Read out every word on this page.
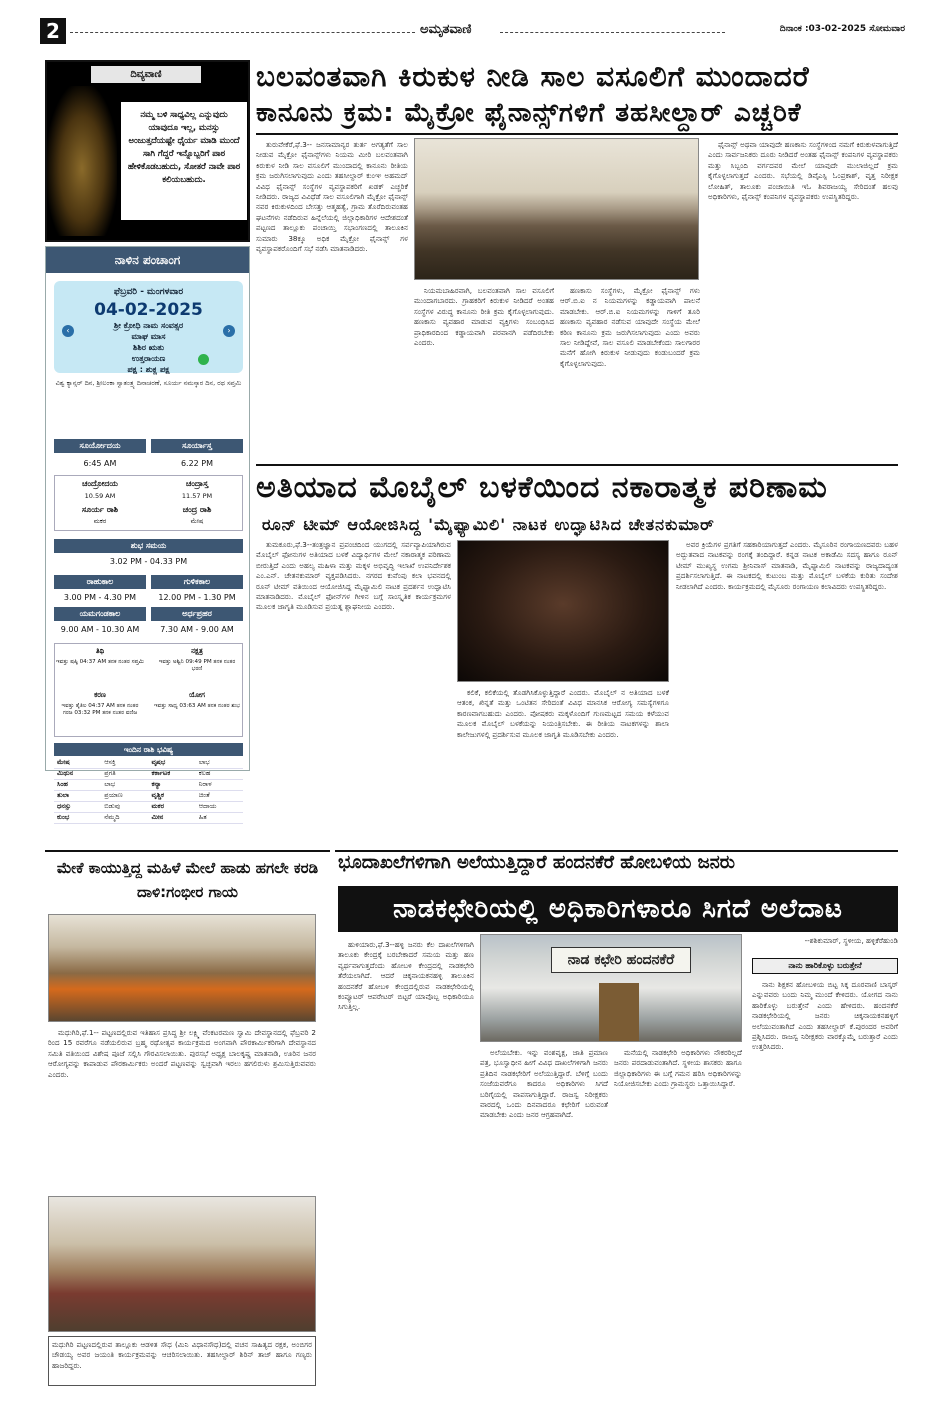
2	ಅಮೃತವಾಣಿ	ದಿನಾಂಕ :03-02-2025 ಸೋಮವಾರ
ದಿವ್ಯವಾಣಿ
ನಮ್ಮ ಬಳಿ ಸಾಧ್ಯವಿಲ್ಲ ಎನ್ನುವುದು ಯಾವುದೂ ಇಲ್ಲ, ಮನಸ್ಸು ಅಂಜುತ್ತದೆಯಷ್ಟೇ ಧೈರ್ಯ ಮಾಡಿ ಮುಂದೆ ಸಾಗಿ ಗೆದ್ದರೆ ಇನ್ನೊಬ್ಬರಿಗೆ ಪಾಠ ಹೇಳಿಕೊಡಬಹುದು, ಸೋತರೆ ನಾವೇ ಪಾಠ ಕಲಿಯಬಹುದು.
ನಾಳಿನ ಪಂಚಾಂಗ
ಫೆಬ್ರವರಿ - ಮಂಗಳವಾರ
04-02-2025
ಶ್ರೀ ಕ್ರೋಧಿ ನಾಮ ಸಂವತ್ಸರ
ಮಾಘ ಮಾಸ
ಶಿಶಿರ ಋತು
ಉತ್ತರಾಯಣ
ಪಕ್ಷ : ಶುಕ್ಲ ಪಕ್ಷ
‹	›
ವಿಶ್ವ ಕ್ಯಾನ್ಸರ್ ದಿನ, ಶ್ರೀಲಂಕಾ ಸ್ವಾತಂತ್ರ್ಯ ದಿನಾಚರಣೆ, ಸೂರ್ಯ ನಮಸ್ಕಾರ ದಿನ, ರಥ ಸಪ್ತಮಿ
ಸೂರ್ಯೋದಯ	ಸೂರ್ಯಾಸ್ತ
6:45 AM	6.22 PM
ಚಂದ್ರೋದಯ	ಚಂದ್ರಾಸ್ತ
10.59 AM	11.57 PM
ಸೂರ್ಯ ರಾಶಿ	ಚಂದ್ರ ರಾಶಿ
ಮಕರ	ಮೇಷ
ಶುಭ ಸಮಯ
3.02 PM - 04.33 PM
ರಾಹುಕಾಲ	ಗುಳಿಕಕಾಲ
3.00 PM - 4.30 PM	12.00 PM - 1.30 PM
ಯಮಗಂಡಕಾಲ	ಅರ್ಧಪ್ರಹರ
9.00 AM - 10.30 AM	7.30 AM - 9.00 AM
ತಿಥಿ
ಇವತ್ತು ಷಷ್ಠಿ 04:37 AM ತನಕ ನಂತರ ಸಪ್ತಮಿ
ನಕ್ಷತ್ರ
ಇವತ್ತು ಅಶ್ವಿನಿ 09:49 PM ತನಕ ನಂತರ ಭರಣಿ
ಕರಣ
ಇವತ್ತು ತೈತಿಲ 04:37 AM ತನಕ ನಂತರ ಗರಜ 03:32 PM ತನಕ ನಂತರ ವಣಿಜ
ಯೋಗ
ಇವತ್ತು ಸಾಧ್ಯ 03:63 AM ತನಕ ನಂತರ ಶುಭ
ಇಂದಿನ ರಾಶಿ ಭವಿಷ್ಯ
ಮೇಷ	ಆಸಕ್ತಿ	ವೃಷಭ	ಲಾಭ
ಮಿಥುನ	ಪ್ರಗತಿ	ಕರ್ಕಾಟಕ	ಕಲಹ
ಸಿಂಹ	ಲಾಭ	ಕನ್ಯಾ	ನಿರಾಳ
ತುಲಾ	ಪ್ರಯಾಣ	ವೃಶ್ಚಿಕ	ಚಿಂತೆ
ಧನಸ್ಸು	ಬಿಡುವು	ಮಕರ	ಆದಾಯ
ಕುಂಭ	ನೆಮ್ಮದಿ	ಮೀನ	ಹಿತ
ಬಲವಂತವಾಗಿ ಕಿರುಕುಳ ನೀಡಿ ಸಾಲ ವಸೂಲಿಗೆ ಮುಂದಾದರೆ
ಕಾನೂನು ಕ್ರಮ: ಮೈಕ್ರೋ ಫೈನಾನ್ಸ್‌ಗಳಿಗೆ ತಹಸೀಲ್ದಾರ್ ಎಚ್ಚರಿಕೆ

ತುರುವೇಕೆರೆ,ಫೆ.3-- ಜನಸಾಮಾನ್ಯರ ತುರ್ತ ಅಗತ್ಯತೆಗೆ ಸಾಲ ನೀಡುವ ಮೈಕ್ರೋ ಫೈನಾನ್ಸ್‌ಗಳು ನಿಯಮ ಮೀರಿ ಬಲವಂತವಾಗಿ ಕಿರುಕುಳ ನೀಡಿ ಸಾಲ ವಸೂಲಿಗೆ ಮುಂದಾದಲ್ಲಿ ಕಾನೂನು ರೀತಿಯ ಕ್ರಮ ಜರುಗಿಸಲಾಗುವುದು ಎಂದು ತಹಸೀಲ್ದಾರ್ ಕುಂಞ ಅಹಮದ್ ವಿವಿಧ ಫೈನಾನ್ಸ್ ಸಂಸ್ಥೆಗಳ ವ್ಯವಸ್ಥಾಪಕರಿಗೆ ಖಡಕ್ ಎಚ್ಚರಿಕೆ ನೀಡಿದರು. ರಾಜ್ಯದ ವಿವಿಧೆಡೆ ಸಾಲ ವಸೂಲಿಗಾಗಿ ಮೈಕ್ರೋ ಫೈನಾನ್ಸ್ ನವರ ಕಿರುಕುಳದಿಂದ ಬೇಸತ್ತು ಆತ್ಮಹತ್ಯೆ, ಗ್ರಾಮ ತೊರೆದಿರುವಂತಹ ಘಟನೆಗಳು ನಡೆದಿರುವ ಹಿನ್ನೆಲೆಯಲ್ಲಿ ಜಿಲ್ಲಾಧಿಕಾರಿಗಳ ಆದೇಶದಂತೆ ಪಟ್ಟಣದ ತಾಲ್ಲೂಕು ಪಂಚಾಯ್ತಿ ಸಭಾಂಗಣದಲ್ಲಿ ತಾಲೂಕಿನ ಸುಮಾರು 38ಕ್ಕೂ ಅಧಿಕ ಮೈಕ್ರೋ ಫೈನಾನ್ಸ್ ಗಳ ವ್ಯವಸ್ಥಾಪಕರೊಂದಿಗೆ ಸಭೆ ನಡೆಸಿ ಮಾತನಾಡಿದರು.

ನಿಯಮಬಾಹಿರವಾಗಿ, ಬಲವಂತವಾಗಿ ಸಾಲ ವಸೂಲಿಗೆ ಮುಂದಾಗಬಾರದು. ಗ್ರಾಹಕರಿಗೆ ಕಿರುಕುಳ ನೀಡಿದರೆ ಅಂತಹ ಸಂಸ್ಥೆಗಳ ವಿರುದ್ಧ ಕಾನೂನು ರೀತಿ ಕ್ರಮ ಕೈಗೊಳ್ಳಲಾಗುವುದು. ಹಣಕಾಸು ವ್ಯವಹಾರ ಮಾಡುವ ವ್ಯಕ್ತಿಗಳು ಸಂಬಂಧಿಸಿದ ಪ್ರಾಧಿಕಾರದಿಂದ ಕಡ್ಡಾಯವಾಗಿ ಪರವಾನಗಿ ಪಡೆದಿರಬೇಕು ಎಂದರು.

ಹಣಕಾಸು ಸಂಸ್ಥೆಗಳು, ಮೈಕ್ರೋ ಫೈನಾನ್ಸ್ ಗಳು ಆರ್.ಬಿ.ಐ ನ ನಿಯಮಗಳನ್ನು ಕಡ್ಡಾಯವಾಗಿ ಪಾಲನೆ ಮಾಡಬೇಕು. ಆರ್.ಬಿ.ಐ ನಿಯಮಗಳನ್ನು ಗಾಳಿಗೆ ತೂರಿ ಹಣಕಾಸು ವ್ಯವಹಾರ ನಡೆಸುವ ಯಾವುದೇ ಸಂಸ್ಥೆಯ ಮೇಲೆ ಕಠಿಣ ಕಾನೂನು ಕ್ರಮ ಜರುಗಿಸಲಾಗುವುದು ಎಂದು ಅವರು ಸಾಲ ನೀಡಿದ್ದೇವೆ, ಸಾಲ ವಸೂಲಿ ಮಾಡಬೇಕೆಂದು ಸಾಲಗಾರರ ಮನೆಗೆ ಹೋಗಿ ಕಿರುಕುಳ ನೀಡುವುದು ಕಂಡುಬಂದರೆ ಕ್ರಮ ಕೈಗೊಳ್ಳಲಾಗುವುದು.

ಫೈನಾನ್ಸ್ ಅಥವಾ ಯಾವುದೇ ಹಣಕಾಸು ಸಂಸ್ಥೆಗಳಿಂದ ನಮಗೆ ಕಿರುಕುಳವಾಗುತ್ತಿದೆ ಎಂದು ಸಾರ್ವಜನಿಕರು ದೂರು ನೀಡಿದರೆ ಅಂತಹ ಫೈನಾನ್ಸ್ ಕಂಪನಿಗಳ ವ್ಯವಸ್ಥಾಪಕರು ಮತ್ತು ಸಿಬ್ಬಂದಿ ವರ್ಗದವರ ಮೇಲೆ ಯಾವುದೇ ಮುಲಾಜಿಲ್ಲದೆ ಕ್ರಮ ಕೈಗೊಳ್ಳಲಾಗುತ್ತದೆ ಎಂದರು. ಸಭೆಯಲ್ಲಿ ಡಿವೈಎಸ್ಪಿ ಓಂಪ್ರಕಾಶ್, ವೃತ್ತ ನಿರೀಕ್ಷಕ ಲೋಹಿತ್, ತಾಲೂಕು ಪಂಚಾಯಿತಿ ಇಓ ಶಿವರಾಜಯ್ಯ ಸೇರಿದಂತೆ ಹಲವು ಅಧಿಕಾರಿಗಳು, ಫೈನಾನ್ಸ್ ಕಂಪನಿಗಳ ವ್ಯವಸ್ಥಾಪಕರು ಉಪಸ್ಥಿತರಿದ್ದರು.

ಅತಿಯಾದ ಮೊಬೈಲ್ ಬಳಕೆಯಿಂದ ನಕಾರಾತ್ಮಕ ಪರಿಣಾಮ
ರೂನ್ ಟೀಮ್ ಆಯೋಜಿಸಿದ್ದ 'ಮೈಫ್ಯಾಮಿಲಿ' ನಾಟಕ ಉದ್ಘಾಟಿಸಿದ ಚೇತನಕುಮಾರ್

ತುಮಕೂರು,ಫೆ.3--ತಂತ್ರಜ್ಞಾನ ಪ್ರಪಂಚದಿಂದ ಯುಗದಲ್ಲಿ ಸರ್ವವ್ಯಾಪಿಯಾಗಿರುವ ಮೊಬೈಲ್ ಫೋನುಗಳ ಅತಿಯಾದ ಬಳಕೆ ವಿದ್ಯಾರ್ಥಿಗಳ ಮೇಲೆ ನಕಾರಾತ್ಮಕ ಪರಿಣಾಮ ಬೀರುತ್ತಿದೆ ಎಂದು ಅಹಲ್ಯ ಮಹಿಳಾ ಮತ್ತು ಮಕ್ಕಳ ಅಭಿವೃದ್ಧಿ ಇಲಾಖೆ ಉಪನಿರ್ದೇಶಕ ಎಂ.ಎನ್. ಚೇತನಕುಮಾರ್ ವ್ಯಕ್ತಪಡಿಸಿದರು. ನಗರದ ಕುವೆಂಪು ಕಲಾ ಭವನದಲ್ಲಿ ರೂನ್ ಟೀಮ್ ವತಿಯಿಂದ ಆಯೋಜಿಸಿದ್ದ ಮೈಫ್ಯಾಮಿಲಿ ನಾಟಕ ಪ್ರದರ್ಶನ ಉದ್ಘಾಟಿಸಿ ಮಾತನಾಡಿದರು. ಮೊಬೈಲ್ ಫೋನ್‌ಗಳ ಗೀಳಿನ ಬಗ್ಗೆ ಸಾಂಸ್ಕೃತಿಕ ಕಾರ್ಯಕ್ರಮಗಳ ಮೂಲಕ ಜಾಗೃತಿ ಮೂಡಿಸುವ ಪ್ರಯತ್ನ ಶ್ಲಾಘನೀಯ ಎಂದರು.

ಕಲಿಕೆ, ಕಲಿಕೆಯಲ್ಲಿ ತೊಡಗಿಸಿಕೊಳ್ಳುತ್ತಿದ್ದಾರೆ ಎಂದರು. ಮೊಬೈಲ್ ನ ಅತಿಯಾದ ಬಳಕೆ ಆತಂಕ, ಖಿನ್ನತೆ ಮತ್ತು ಒಂಟಿತನ ಸೇರಿದಂತೆ ವಿವಿಧ ಮಾನಸಿಕ ಆರೋಗ್ಯ ಸಮಸ್ಯೆಗಳಿಗೂ ಕಾರಣವಾಗಬಹುದು ಎಂದರು. ಪೋಷಕರು ಮಕ್ಕಳೊಂದಿಗೆ ಗುಣಮಟ್ಟದ ಸಮಯ ಕಳೆಯುವ ಮೂಲಕ ಮೊಬೈಲ್ ಬಳಕೆಯನ್ನು ನಿಯಂತ್ರಿಸಬೇಕು. ಈ ರೀತಿಯ ನಾಟಕಗಳನ್ನು ಶಾಲಾ ಕಾಲೇಜುಗಳಲ್ಲಿ ಪ್ರದರ್ಶಿಸುವ ಮೂಲಕ ಜಾಗೃತಿ ಮೂಡಿಸಬೇಕು ಎಂದರು.

ಅವರ ಕ್ರಿಯೆಗಳ ಪ್ರಗತಿಗೆ ಸಹಕಾರಿಯಾಗುತ್ತದೆ ಎಂದರು. ಮೈಸೂರಿನ ರಂಗಾಯಣದವರು ಬಹಳ ಅದ್ಭುತವಾದ ನಾಟಕವನ್ನು ರಂಗಕ್ಕೆ ತಂದಿದ್ದಾರೆ. ಕನ್ನಡ ನಾಟಕ ಅಕಾಡೆಮಿ ಸದಸ್ಯ ಹಾಗೂ ರೂನ್ ಟೀಮ್ ಮುಖ್ಯಸ್ಥ ಉಗಮ ಶ್ರೀನಿವಾಸ್ ಮಾತನಾಡಿ, ಮೈಫ್ಯಾಮಿಲಿ ನಾಟಕವನ್ನು ರಾಜ್ಯದಾದ್ಯಂತ ಪ್ರದರ್ಶಿಸಲಾಗುತ್ತಿದೆ. ಈ ನಾಟಕದಲ್ಲಿ ಕುಟುಂಬ ಮತ್ತು ಮೊಬೈಲ್ ಬಳಕೆಯ ಕುರಿತು ಸಂದೇಶ ನೀಡಲಾಗಿದೆ ಎಂದರು. ಕಾರ್ಯಕ್ರಮದಲ್ಲಿ ಮೈಸೂರು ರಂಗಾಯಣ ಕಲಾವಿದರು ಉಪಸ್ಥಿತರಿದ್ದರು.

ಮೇಕೆ ಕಾಯುತ್ತಿದ್ದ ಮಹಿಳೆ ಮೇಲೆ ಹಾಡು ಹಗಲೇ ಕರಡಿ ದಾಳಿ:ಗಂಭೀರ ಗಾಯ

ಮಧುಗಿರಿ,ಫೆ.1-- ಪಟ್ಟಣದಲ್ಲಿರುವ ಇತಿಹಾಸ ಪ್ರಸಿದ್ಧ ಶ್ರೀ ಲಕ್ಷ್ಮಿ ವೆಂಕಟರಮಣ ಸ್ವಾಮಿ ದೇವಸ್ಥಾನದಲ್ಲಿ ಫೆಬ್ರವರಿ 2 ರಿಂದ 15 ರವರೆಗೂ ನಡೆಯಲಿರುವ ಬ್ರಹ್ಮ ರಥೋತ್ಸವ ಕಾರ್ಯಕ್ರಮದ ಅಂಗವಾಗಿ ಪೌರಕಾರ್ಮಿಕರಿಗಾಗಿ ದೇವಸ್ಥಾನದ ಸಮಿತಿ ವತಿಯಿಂದ ವಿಶೇಷ ಪೂಜೆ ಸಲ್ಲಿಸಿ ಗೌರವಿಸಲಾಯಿತು. ಪುರಸಭೆ ಅಧ್ಯಕ್ಷ ಬಾಲಕೃಷ್ಣ ಮಾತನಾಡಿ, ಊರಿನ ಜನರ ಆರೋಗ್ಯವನ್ನು ಕಾಪಾಡುವ ಪೌರಕಾರ್ಮಿಕರು ಅಂದರೆ ಪಟ್ಟಣವನ್ನು ಸ್ವಚ್ಛವಾಗಿ ಇರಲು ಹಗಲಿರುಳು ಶ್ರಮಿಸುತ್ತಿರುವವರು ಎಂದರು.

ಮಧುಗಿರಿ ಪಟ್ಟಣದಲ್ಲಿರುವ ತಾಲ್ಲೂಕು ಆಡಳಿತ ಸೌಧ (ಮಿನಿ ವಿಧಾನಸೌಧ)ದಲ್ಲಿ ವಚನ ಸಾಹಿತ್ಯದ ರಕ್ಷಕ, ಅಂಬಿಗರ ಚೌಡಯ್ಯ ಅವರ ಜಯಂತಿ ಕಾರ್ಯಕ್ರಮವನ್ನು ಆಚರಿಸಲಾಯಿತು. ತಹಸೀಲ್ದಾರ್ ಶಿರಿನ್ ತಾಜ್ ಹಾಗೂ ಗಣ್ಯರು ಹಾಜರಿದ್ದರು.

ಭೂದಾಖಲೆಗಳಿಗಾಗಿ ಅಲೆಯುತ್ತಿದ್ದಾರೆ ಹಂದನಕೆರೆ ಹೋಬಳಿಯ ಜನರು
ನಾಡಕಛೇರಿಯಲ್ಲಿ ಅಧಿಕಾರಿಗಳಾರೂ ಸಿಗದೆ ಅಲೆದಾಟ

ಹುಳಿಯಾರು,ಫೆ.3--ಹಳ್ಳಿ ಜನರು ಕೆಲ ದಾಖಲೆಗಳಿಗಾಗಿ ತಾಲೂಕು ಕೇಂದ್ರಕ್ಕೆ ಬರಬೇಕಾದರೆ ಸಮಯ ಮತ್ತು ಹಣ ವ್ಯರ್ಥವಾಗುತ್ತದೆಂದು ಹೋಬಳಿ ಕೇಂದ್ರದಲ್ಲಿ ನಾಡಕಛೇರಿ ತೆರೆಯಲಾಗಿದೆ. ಆದರೆ ಚಿಕ್ಕನಾಯಕನಹಳ್ಳಿ ತಾಲೂಕಿನ ಹಂದನಕೆರೆ ಹೋಬಳಿ ಕೇಂದ್ರದಲ್ಲಿರುವ ನಾಡಕಛೇರಿಯಲ್ಲಿ ಕಂಪ್ಯೂಟರ್ ಆಪರೇಟರ್ ಬಿಟ್ಟರೆ ಯಾವೊಬ್ಬ ಅಧಿಕಾರಿಯೂ ಸಿಗುತ್ತಿಲ್ಲ.

ನಾಡ ಕಛೇರಿ ಹಂದನಕೆರೆ

ಅಲೆಯಬೇಕು. ಇನ್ನು ವಂಶವೃಕ್ಷ, ಜಾತಿ ಪ್ರಮಾಣ ಪತ್ರ, ಭೂಸ್ವಾಧೀನ ಹೀಗೆ ವಿವಿಧ ದಾಖಲೆಗಳಿಗಾಗಿ ಜನರು ಪ್ರತಿದಿನ ನಾಡಕಛೇರಿಗೆ ಅಲೆಯುತ್ತಿದ್ದಾರೆ. ಬೆಳಿಗ್ಗೆ ಬಂದು ಸಂಜೆಯವರೆಗೂ ಕಾದರೂ ಅಧಿಕಾರಿಗಳು ಸಿಗದೆ ಬರಿಗೈಯಲ್ಲಿ ವಾಪಸಾಗುತ್ತಿದ್ದಾರೆ. ರಾಜಸ್ವ ನಿರೀಕ್ಷಕರು ವಾರದಲ್ಲಿ ಒಂದು ದಿನವಾದರೂ ಕಛೇರಿಗೆ ಬರುವಂತೆ ಮಾಡಬೇಕು ಎಂದು ಜನರ ಆಗ್ರಹವಾಗಿದೆ.

ಮನೆಯಲ್ಲಿ ನಾಡಕಛೇರಿ ಅಧಿಕಾರಿಗಳು ನೌಕರರಿಲ್ಲದೆ ಜನರು ಪರದಾಡುವಂತಾಗಿದೆ. ಸ್ಥಳೀಯ ಶಾಸಕರು ಹಾಗೂ ಜಿಲ್ಲಾಧಿಕಾರಿಗಳು ಈ ಬಗ್ಗೆ ಗಮನ ಹರಿಸಿ ಅಧಿಕಾರಿಗಳನ್ನು ನಿಯೋಜಿಸಬೇಕು ಎಂದು ಗ್ರಾಮಸ್ಥರು ಒತ್ತಾಯಿಸಿದ್ದಾರೆ.

--ಶಶಿಕುಮಾರ್, ಸ್ಥಳೀಯ, ಹಳ್ಳಿಕೆರೆಹುಂಡಿ

ನಾನು ಹಾರಿಕೊಳ್ಳು ಬರುತ್ತೇನೆ

ನಾನು ಶಿಕ್ಷಕನ ಹೋಬಳಿಯ ಬಿಟ್ಟ ಸಿಕ್ಕ ದೂರವಾಣಿ ಬಾಸ್ಕರ್ ಎನ್ನುವವರು ಬಂದು ನಿಮ್ಮ ಮುಂದೆ ಕೇಳಿದರು. ಯೋಗದ ನಾನು ಹಾರಿಕೊಳ್ಳು ಬರುತ್ತೇನೆ ಎಂದು ಹೇಳಿದರು. ಹಂದನಕೆರೆ ನಾಡಕಛೇರಿಯಲ್ಲಿ ಜನರು ಚಿಕ್ಕನಾಯಕನಹಳ್ಳಿಗೆ ಅಲೆಯುವಂತಾಗಿದೆ ಎಂದು ತಹಸೀಲ್ದಾರ್ ಕೆ.ಪುರಂದರ ಅವರಿಗೆ ಪ್ರಶ್ನಿಸಿದರು. ರಾಜಸ್ವ ನಿರೀಕ್ಷಕರು ವಾರಕ್ಕೊಮ್ಮೆ ಬರುತ್ತಾರೆ ಎಂದು ಉತ್ತರಿಸಿದರು.
